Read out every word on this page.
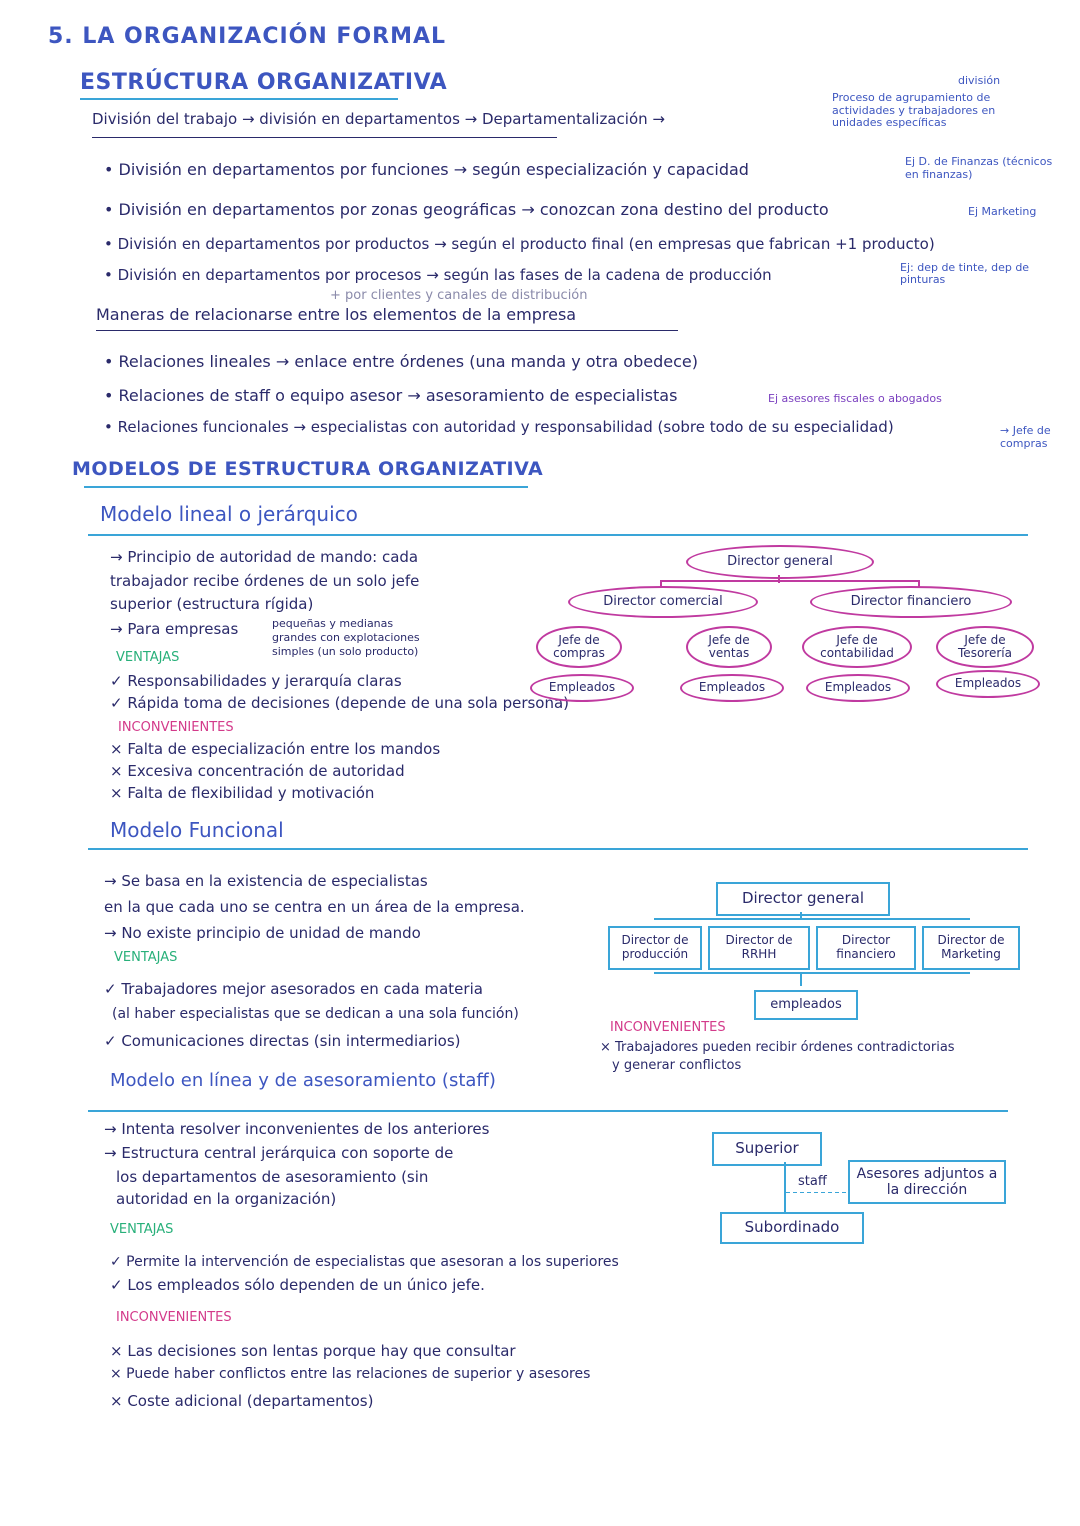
5. LA ORGANIZACIÓN FORMAL
ESTRÚCTURA ORGANIZATIVA
División del trabajo → división en departamentos → Departamentalización →
división
Proceso de agrupamiento de actividades y trabajadores en unidades específicas
• División en departamentos por funciones → según especialización y capacidad	Ej D. de Finanzas (técnicos en finanzas)
• División en departamentos por zonas geográficas → conozcan zona destino del producto	Ej Marketing
• División en departamentos por productos → según el producto final (en empresas que fabrican +1 producto)
• División en departamentos por procesos → según las fases de la cadena de producción	Ej: dep de tinte, dep de pinturas
+ por clientes y canales de distribución
Maneras de relacionarse entre los elementos de la empresa
• Relaciones lineales → enlace entre órdenes (una manda y otra obedece)
• Relaciones de staff o equipo asesor → asesoramiento de especialistas	Ej asesores fiscales o abogados
• Relaciones funcionales → especialistas con autoridad y responsabilidad (sobre todo de su especialidad)	→ Jefe de compras
MODELOS DE ESTRUCTURA ORGANIZATIVA
Modelo lineal o jerárquico
→ Principio de autoridad de mando: cada
trabajador recibe órdenes de un solo jefe
superior (estructura rígida)
→ Para empresas	pequeñas y medianas
grandes con explotaciones
simples (un solo producto)
VENTAJAS
✓ Responsabilidades y jerarquía claras
✓ Rápida toma de decisiones (depende de una sola persona)
INCONVENIENTES
× Falta de especialización entre los mandos
× Excesiva concentración de autoridad
× Falta de flexibilidad y motivación
Director general
Director comercial	Director financiero
Jefe de compras
Jefe de ventas
Jefe de contabilidad
Jefe de Tesorería
Empleados	Empleados	Empleados	Empleados
Modelo Funcional
→ Se basa en la existencia de especialistas
en la que cada uno se centra en un área de la empresa.
→ No existe principio de unidad de mando
VENTAJAS
✓ Trabajadores mejor asesorados en cada materia
(al haber especialistas que se dedican a una sola función)
✓ Comunicaciones directas (sin intermediarios)
INCONVENIENTES
× Trabajadores pueden recibir órdenes contradictorias
y generar conflictos
Director general
Director de producción
Director de RRHH
Director financiero
Director de Marketing
empleados
Modelo en línea y de asesoramiento (staff)
→ Intenta resolver inconvenientes de los anteriores
→ Estructura central jerárquica con soporte de
los departamentos de asesoramiento (sin
autoridad en la organización)
VENTAJAS
✓ Permite la intervención de especialistas que asesoran a los superiores
✓ Los empleados sólo dependen de un único jefe.
INCONVENIENTES
× Las decisiones son lentas porque hay que consultar
× Puede haber conflictos entre las relaciones de superior y asesores
× Coste adicional (departamentos)
Superior
staff	Asesores adjuntos a la dirección
Subordinado
